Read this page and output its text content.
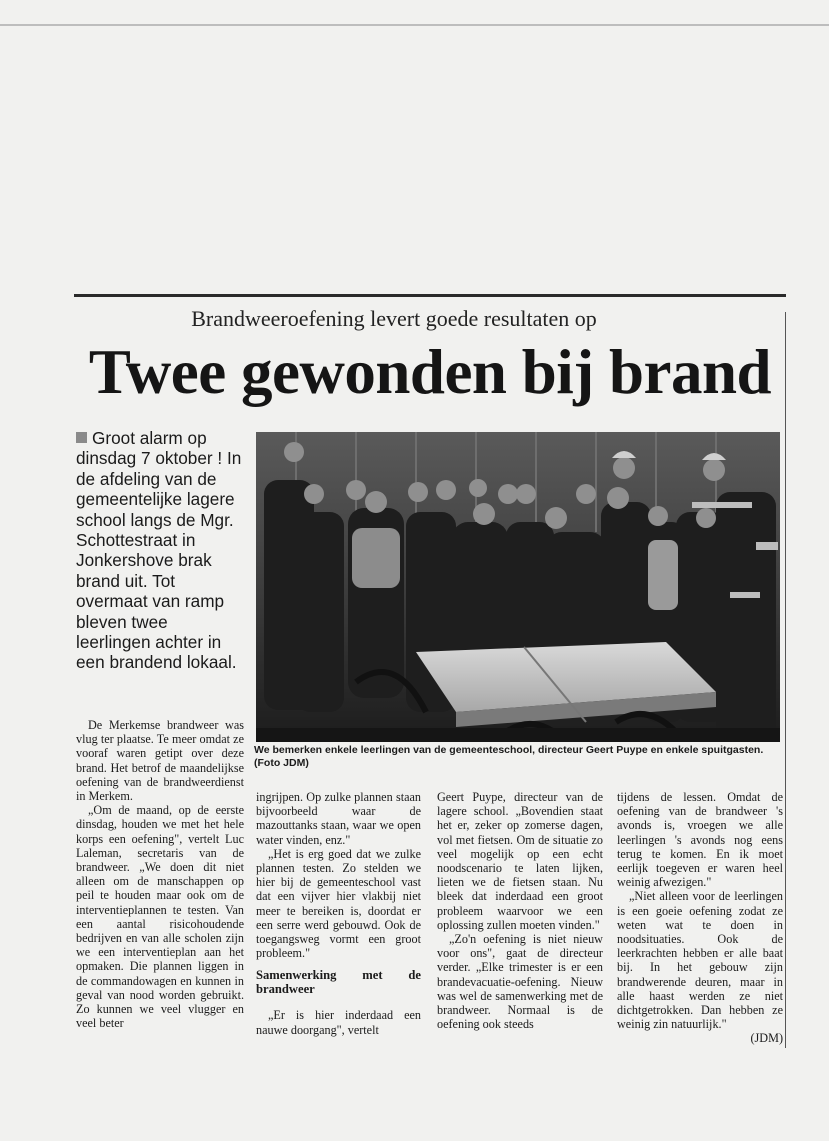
Brandweeroefening levert goede resultaten op
Twee gewonden bij brand
Groot alarm op dinsdag 7 oktober ! In de afdeling van de gemeentelijke lagere school langs de Mgr. Schottestraat in Jonkershove brak brand uit. Tot overmaat van ramp bleven twee leerlingen achter in een brandend lokaal.
We bemerken enkele leerlingen van de gemeenteschool, directeur Geert Puype en enkele spuitgasten. (Foto JDM)

De Merkemse brandweer was vlug ter plaatse. Te meer omdat ze vooraf waren getipt over deze brand. Het betrof de maandelijkse oefening van de brandweerdienst in Merkem.

„Om de maand, op de eerste dinsdag, houden we met het hele korps een oefening", vertelt Luc Laleman, secretaris van de brandweer. „We doen dit niet alleen om de manschappen op peil te houden maar ook om de interventieplannen te testen. Van een aantal risicohoudende bedrijven en van alle scholen zijn we een interventieplan aan het opmaken. Die plannen liggen in de commandowagen en kunnen in geval van nood worden gebruikt. Zo kunnen we veel vlugger en veel beter

ingrijpen. Op zulke plannen staan bijvoorbeeld waar de mazouttanks staan, waar we open water vinden, enz."

„Het is erg goed dat we zulke plannen testen. Zo stelden we hier bij de gemeenteschool vast dat een vijver hier vlakbij niet meer te bereiken is, doordat er een serre werd gebouwd. Ook de toegangsweg vormt een groot probleem."

Samenwerking met de brandweer

„Er is hier inderdaad een nauwe doorgang", vertelt

Geert Puype, directeur van de lagere school. „Bovendien staat het er, zeker op zomerse dagen, vol met fietsen. Om de situatie zo veel mogelijk op een echt noodscenario te laten lijken, lieten we de fietsen staan. Nu bleek dat inderdaad een groot probleem waarvoor we een oplossing zullen moeten vinden."

„Zo'n oefening is niet nieuw voor ons", gaat de directeur verder. „Elke trimester is er een brandevacuatie-oefening. Nieuw was wel de samenwerking met de brandweer. Normaal is de oefening ook steeds

tijdens de lessen. Omdat de oefening van de brandweer 's avonds is, vroegen we alle leerlingen 's avonds nog eens terug te komen. En ik moet eerlijk toegeven er waren heel weinig afwezigen."

„Niet alleen voor de leerlingen is een goeie oefening zodat ze weten wat te doen in noodsituaties. Ook de leerkrachten hebben er alle baat bij. In het gebouw zijn brandwerende deuren, maar in alle haast werden ze niet dichtgetrokken. Dan hebben ze weinig zin natuurlijk."

(JDM)
